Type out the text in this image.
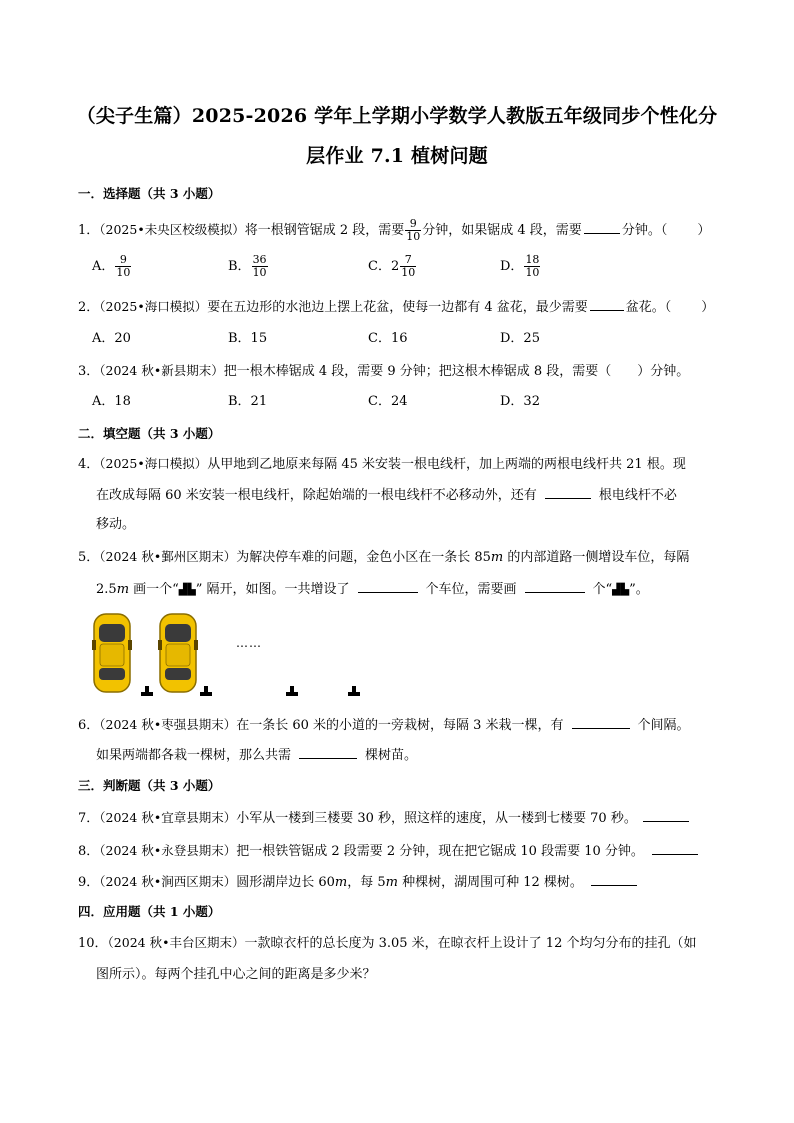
（尖子生篇）2025-2026 学年上学期小学数学人教版五年级同步个性化分
层作业 7.1 植树问题
一．选择题（共 3 小题）
1．（2025•未央区校级模拟）将一根钢管锯成 2 段，需要 $\frac{9}{10}$ 分钟，如果锯成 4 段，需要	分钟。（ ）
A． $\frac{9}{10}$	B． $\frac{36}{10}$	C．$2 \frac{7}{10}$	D． $\frac{18}{10}$
2．（2025•海口模拟）要在五边形的水池边上摆上花盆，使每一边都有 4 盆花，最少需要	盆花。（ ）
A．20	B．15	C．16	D．25
3．（2024 秋•新县期末）把一根木棒锯成 4 段，需要 9 分钟；把这根木棒锯成 8 段，需要（　　）分钟。
A．18	B．21	C．24	D．32
二．填空题（共 3 小题）
4．（2025•海口模拟）从甲地到乙地原来每隔 45 米安装一根电线杆，加上两端的两根电线杆共 21 根。现
在改成每隔 60 米安装一根电线杆，除起始端的一根电线杆不必移动外，还有	根电线杆不必
移动。
5．（2024 秋•鄞州区期末）为解决停车难的问题，金色小区在一条长 85m 的内部道路一侧增设车位，每隔
2.5m 画一个“▟▙” 隔开，如图。一共增设了	个车位，需要画	个“▟▙”。
……
6．（2024 秋•枣强县期末）在一条长 60 米的小道的一旁栽树，每隔 3 米栽一棵，有	个间隔。
如果两端都各栽一棵树，那么共需	棵树苗。
三．判断题（共 3 小题）
7．（2024 秋•宜章县期末）小军从一楼到三楼要 30 秒，照这样的速度，从一楼到七楼要 70 秒。
8．（2024 秋•永登县期末）把一根铁管锯成 2 段需要 2 分钟，现在把它锯成 10 段需要 10 分钟。
9．（2024 秋•涧西区期末）圆形湖岸边长 60m，每 5m 种棵树，湖周围可种 12 棵树。
四．应用题（共 1 小题）
10．（2024 秋•丰台区期末）一款晾衣杆的总长度为 3.05 米，在晾衣杆上设计了 12 个均匀分布的挂孔（如
图所示）。每两个挂孔中心之间的距离是多少米？
